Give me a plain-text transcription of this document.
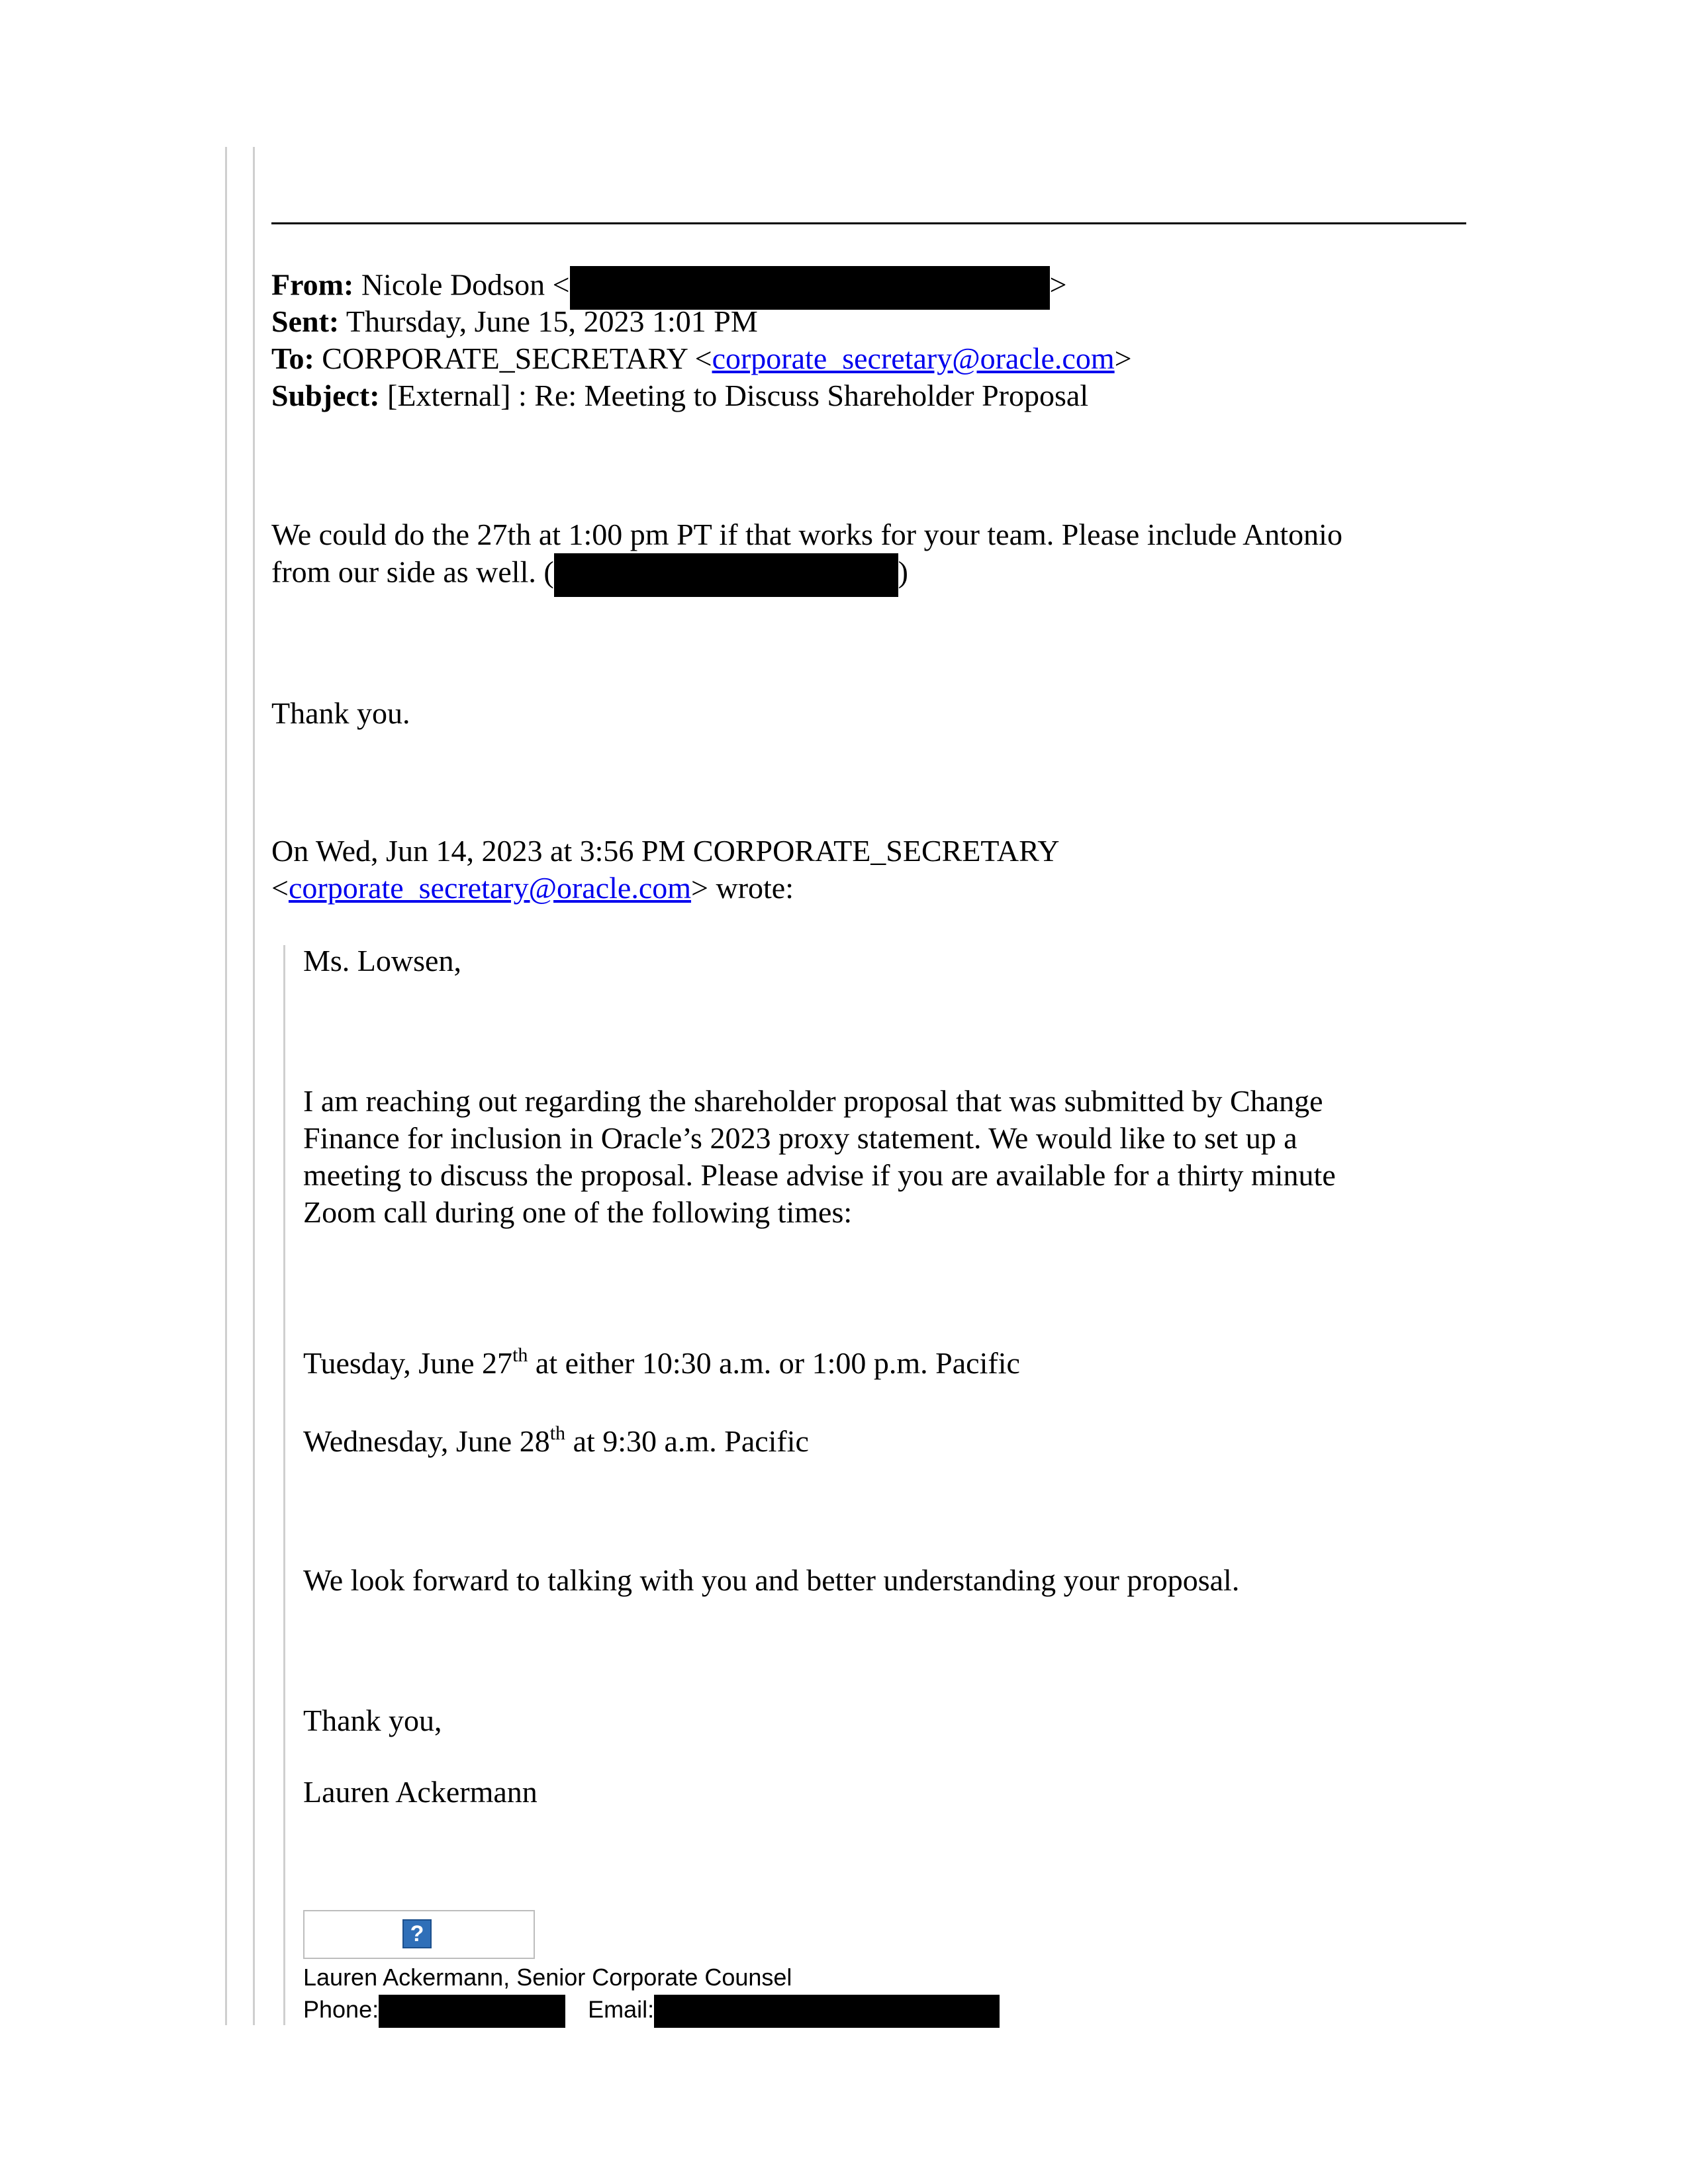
From: Nicole Dodson <	>
Sent: Thursday, June 15, 2023 1:01 PM
To: CORPORATE_SECRETARY <corporate_secretary@oracle.com>
Subject: [External] : Re: Meeting to Discuss Shareholder Proposal
We could do the 27th at 1:00 pm PT if that works for your team. Please include Antonio
from our side as well. (	)
Thank you.
On Wed, Jun 14, 2023 at 3:56 PM CORPORATE_SECRETARY
<corporate_secretary@oracle.com> wrote:
Ms. Lowsen,
I am reaching out regarding the shareholder proposal that was submitted by Change
Finance for inclusion in Oracle’s 2023 proxy statement. We would like to set up a
meeting to discuss the proposal. Please advise if you are available for a thirty minute
Zoom call during one of the following times:
Tuesday, June 27th at either 10:30 a.m. or 1:00 p.m. Pacific
Wednesday, June 28th at 9:30 a.m. Pacific
We look forward to talking with you and better understanding your proposal.
Thank you,
Lauren Ackermann
?
Lauren Ackermann, Senior Corporate Counsel
Phone:	Email:
